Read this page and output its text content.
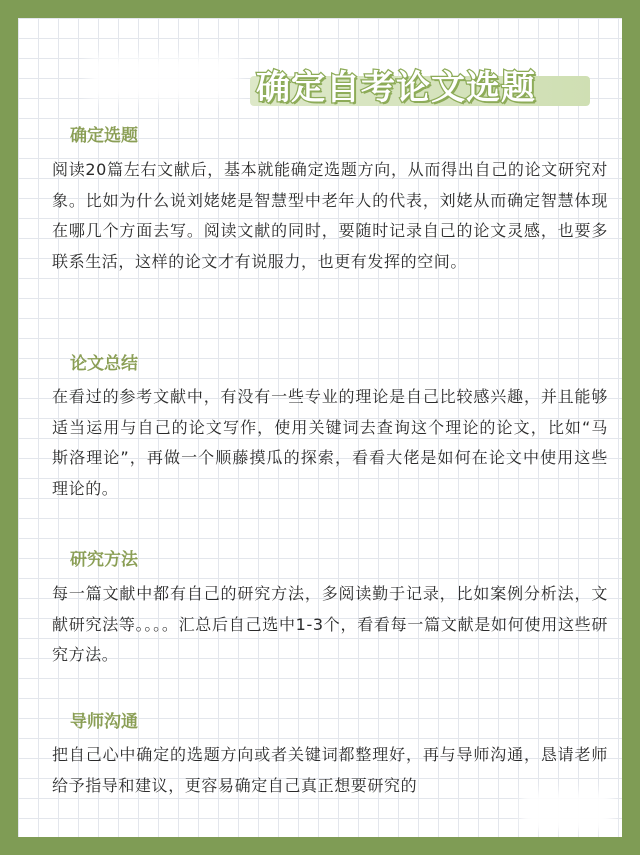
确定自考论文选题
确定选题
阅读20篇左右文献后，基本就能确定选题方向，从而得出自己的论文研究对象。比如为什么说刘姥姥是智慧型中老年人的代表，刘姥从而确定智慧体现在哪几个方面去写。阅读文献的同时，要随时记录自己的论文灵感，也要多联系生活，这样的论文才有说服力，也更有发挥的空间。
论文总结
在看过的参考文献中，有没有一些专业的理论是自己比较感兴趣，并且能够适当运用与自己的论文写作，使用关键词去查询这个理论的论文，比如“马斯洛理论”，再做一个顺藤摸瓜的探索，看看大佬是如何在论文中使用这些理论的。
研究方法
每一篇文献中都有自己的研究方法，多阅读勤于记录，比如案例分析法，文献研究法等。。。。汇总后自己选中1-3个，看看每一篇文献是如何使用这些研究方法。
导师沟通
把自己心中确定的选题方向或者关键词都整理好，再与导师沟通，恳请老师给予指导和建议，更容易确定自己真正想要研究的
